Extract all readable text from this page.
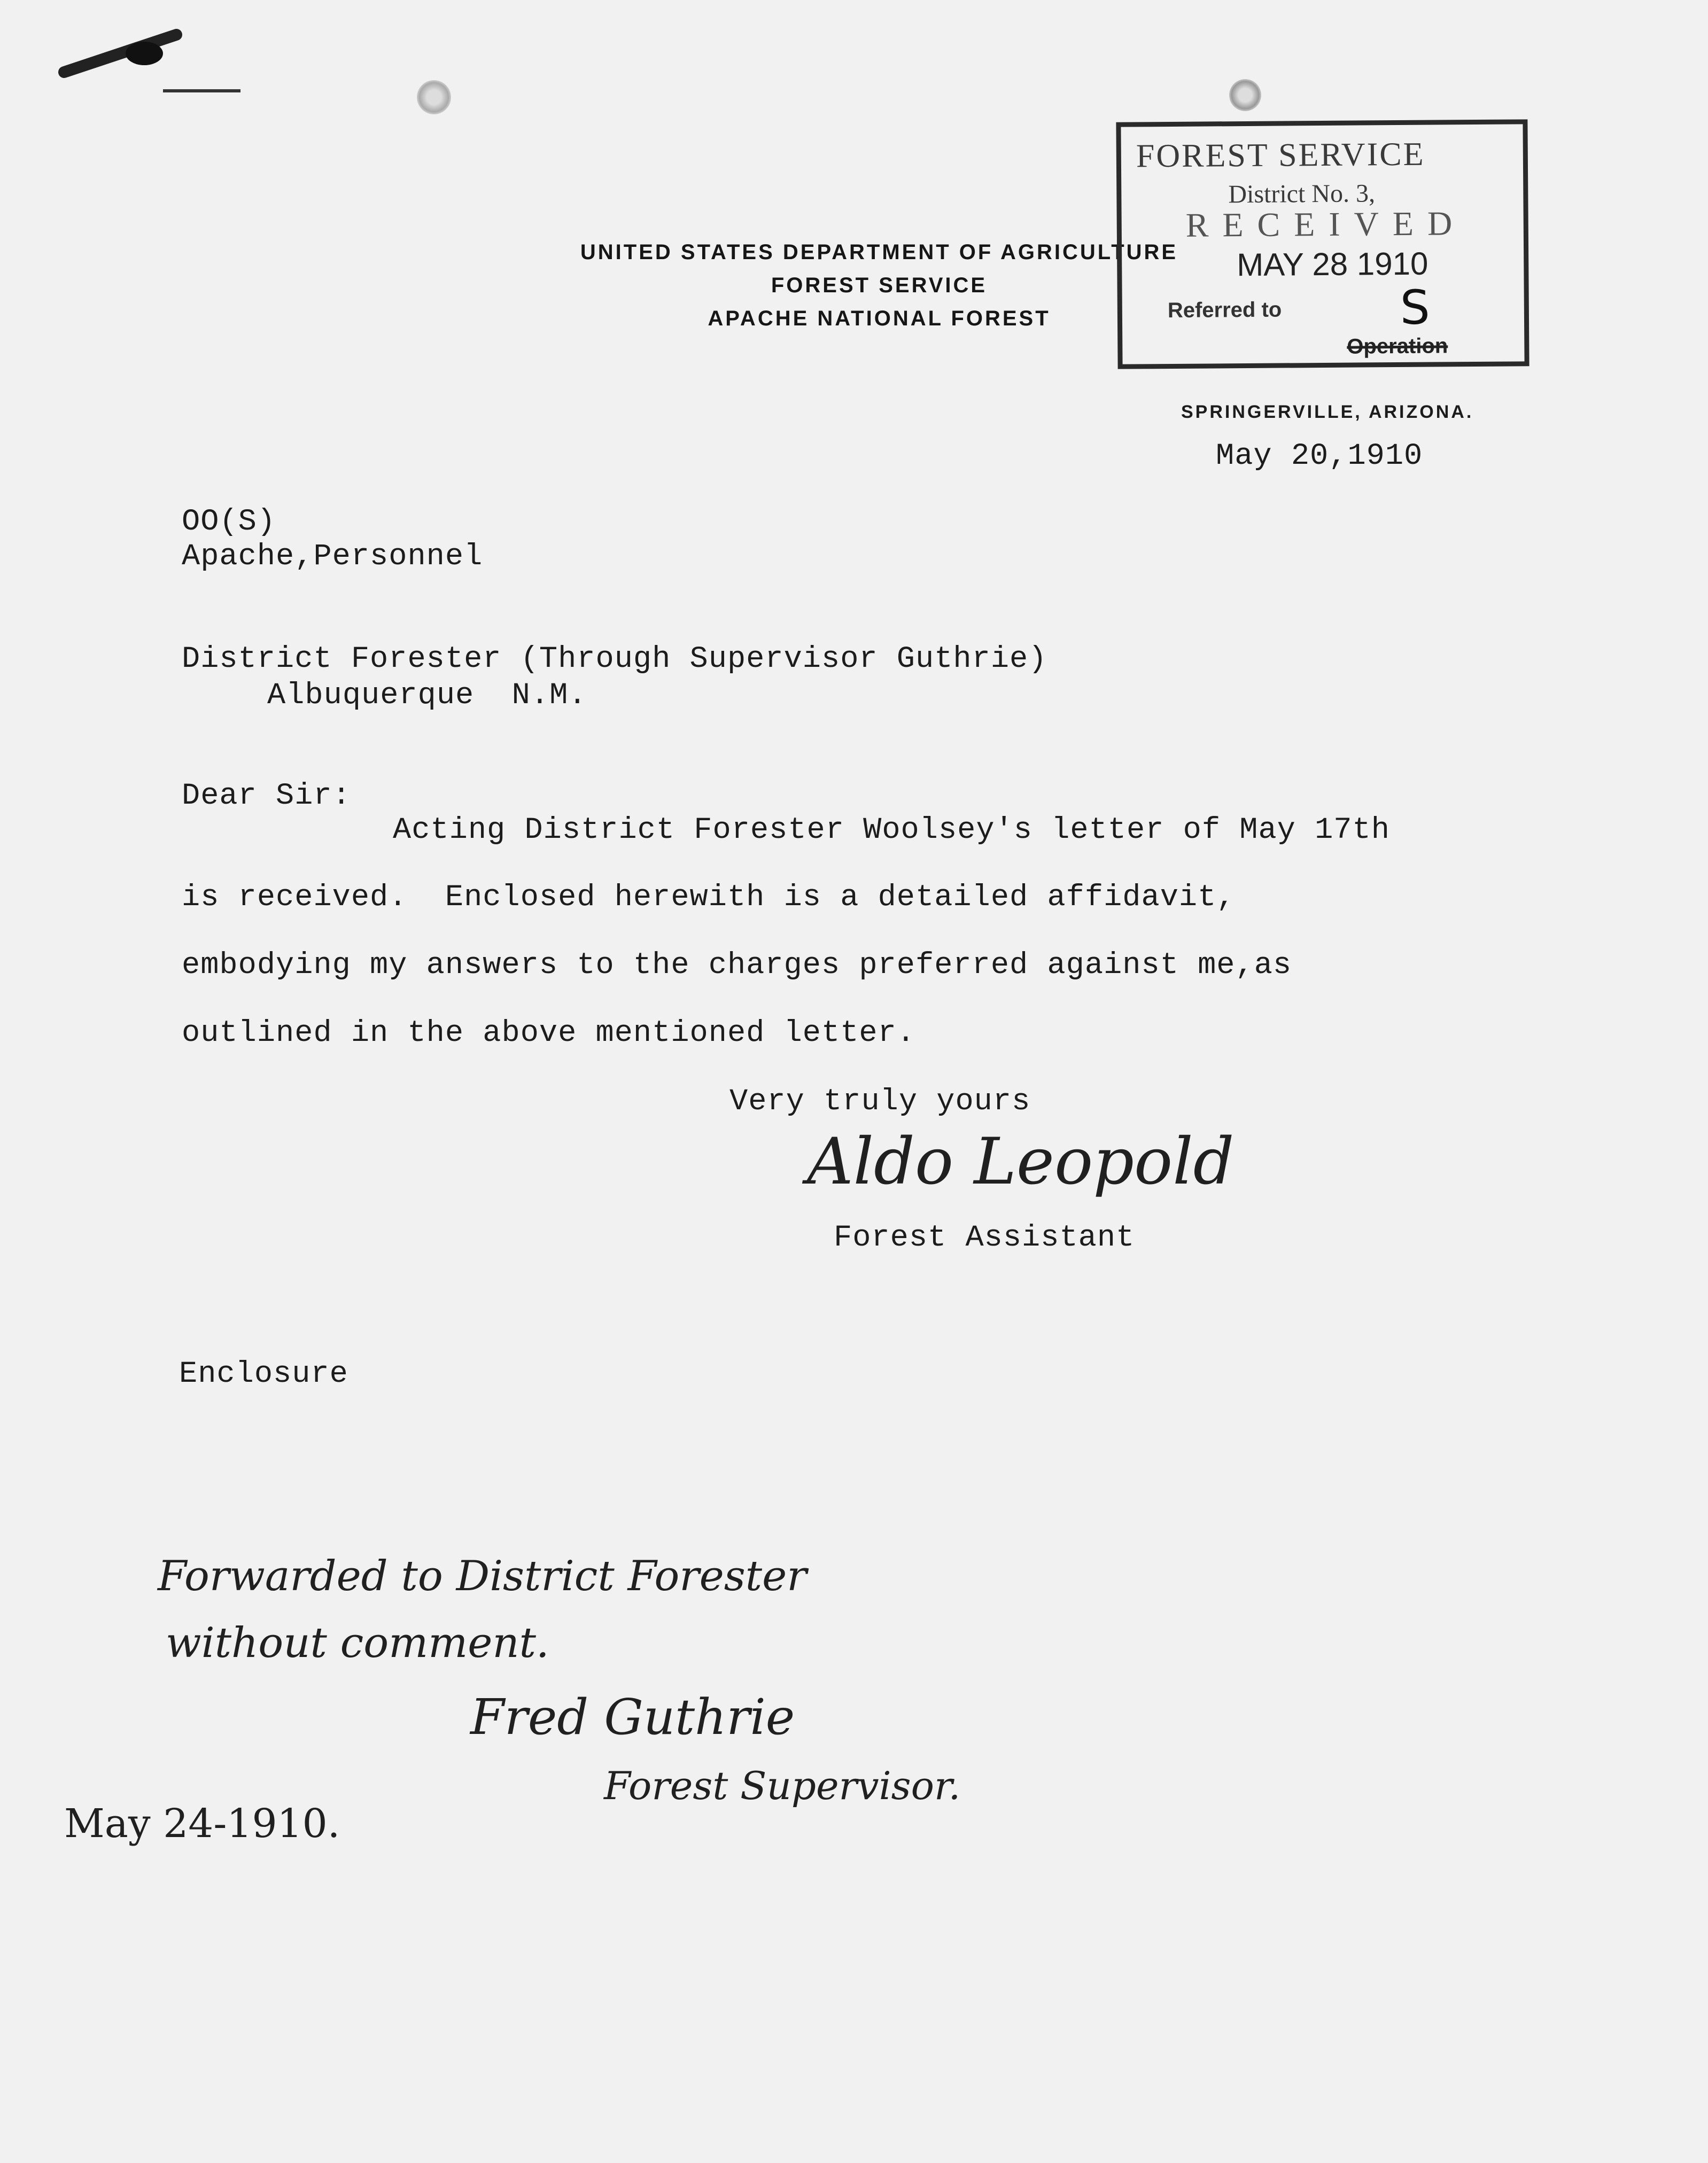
UNITED STATES DEPARTMENT OF AGRICULTURE
FOREST SERVICE
APACHE NATIONAL FOREST
SPRINGERVILLE, ARIZONA.
May 20,1910
FOREST SERVICE
District No. 3,
RECEIVED
MAY 28 1910
Referred to	S
Operation
OO(S)
Apache,Personnel
District Forester (Through Supervisor Guthrie)
Albuquerque  N.M.
Dear Sir:
Acting District Forester Woolsey's letter of May 17th
is received.  Enclosed herewith is a detailed affidavit,
embodying my answers to the charges preferred against me,as
outlined in the above mentioned letter.
Very truly yours
Aldo Leopold
Forest Assistant
Enclosure
Forwarded to District Forester
without comment.
Fred Guthrie
Forest Supervisor.
May 24-1910.
